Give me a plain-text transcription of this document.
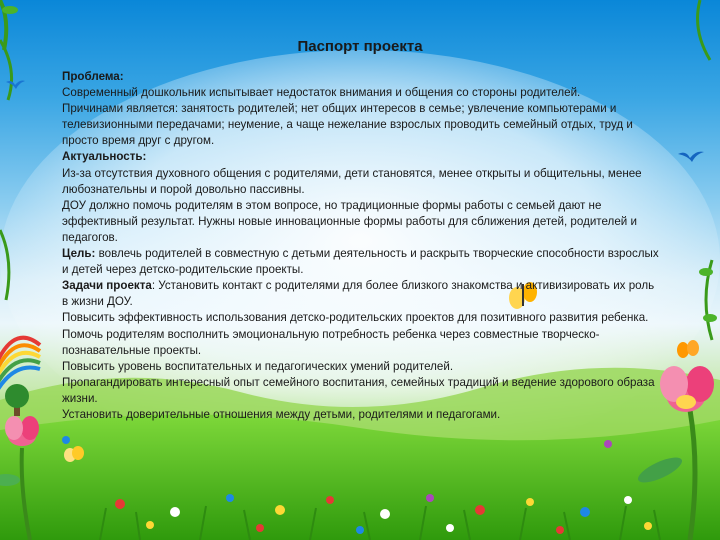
Паспорт проекта

Проблема:

Современный дошкольник испытывает недостаток внимания и общения со стороны родителей.

Причинами является: занятость родителей; нет общих интересов в семье; увлечение компьютерами и телевизионными передачами; неумение, а чаще нежелание взрослых проводить семейный отдых, труд и просто время друг с другом.

Актуальность:

Из-за отсутствия духовного общения с родителями, дети становятся, менее открыты и общительны, менее любознательны и порой довольно пассивны.

ДОУ должно помочь родителям в этом вопросе, но традиционные формы работы с семьей дают не эффективный результат. Нужны новые инновационные формы работы для сближения детей, родителей и педагогов.

Цель: вовлечь родителей в совместную с детьми деятельность и раскрыть творческие способности взрослых и детей через детско-родительские проекты.

Задачи проекта: Установить контакт с родителями для более близкого знакомства и активизировать их роль в жизни ДОУ.

Повысить эффективность использования детско-родительских проектов для позитивного развития ребенка.

Помочь родителям восполнить эмоциональную потребность ребенка через совместные творческо-познавательные проекты.

Повысить уровень воспитательных и педагогических умений родителей.

Пропагандировать интересный опыт семейного воспитания, семейных традиций и ведение здорового образа жизни.

Установить доверительные отношения между детьми, родителями и педагогами.
